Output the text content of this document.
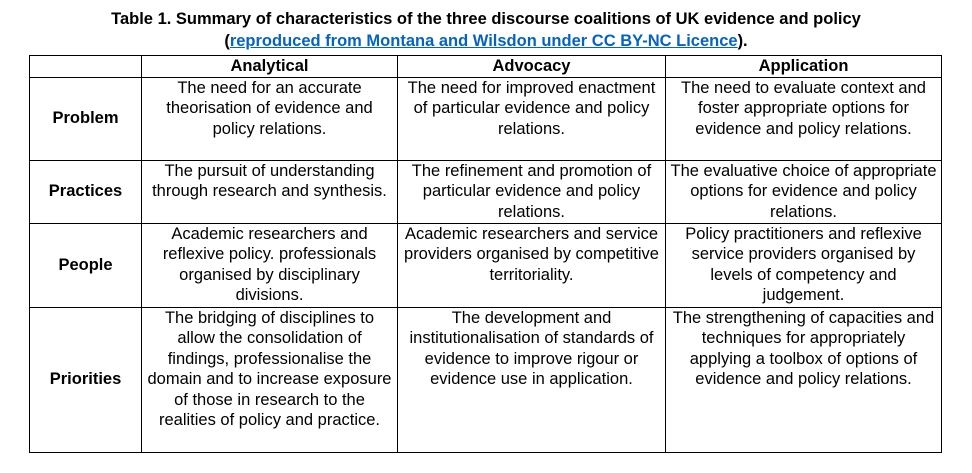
Table 1. Summary of characteristics of the three discourse coalitions of UK evidence and policy
(reproduced from Montana and Wilsdon under CC BY-NC Licence).
	Analytical	Advocacy	Application
Problem	The need for an accurate theorisation of evidence and policy relations.	The need for improved enactment of particular evidence and policy relations.	The need to evaluate context and foster appropriate options for evidence and policy relations.
Practices	The pursuit of understanding through research and synthesis.	The refinement and promotion of particular evidence and policy relations.	The evaluative choice of appropriate options for evidence and policy relations.
People	Academic researchers and reflexive policy. professionals organised by disciplinary divisions.	Academic researchers and service providers organised by competitive territoriality.	Policy practitioners and reflexive service providers organised by levels of competency and judgement.
Priorities	The bridging of disciplines to allow the consolidation of findings, professionalise the domain and to increase exposure of those in research to the realities of policy and practice.	The development and institutionalisation of standards of evidence to improve rigour or evidence use in application.	The strengthening of capacities and techniques for appropriately applying a toolbox of options of evidence and policy relations.
